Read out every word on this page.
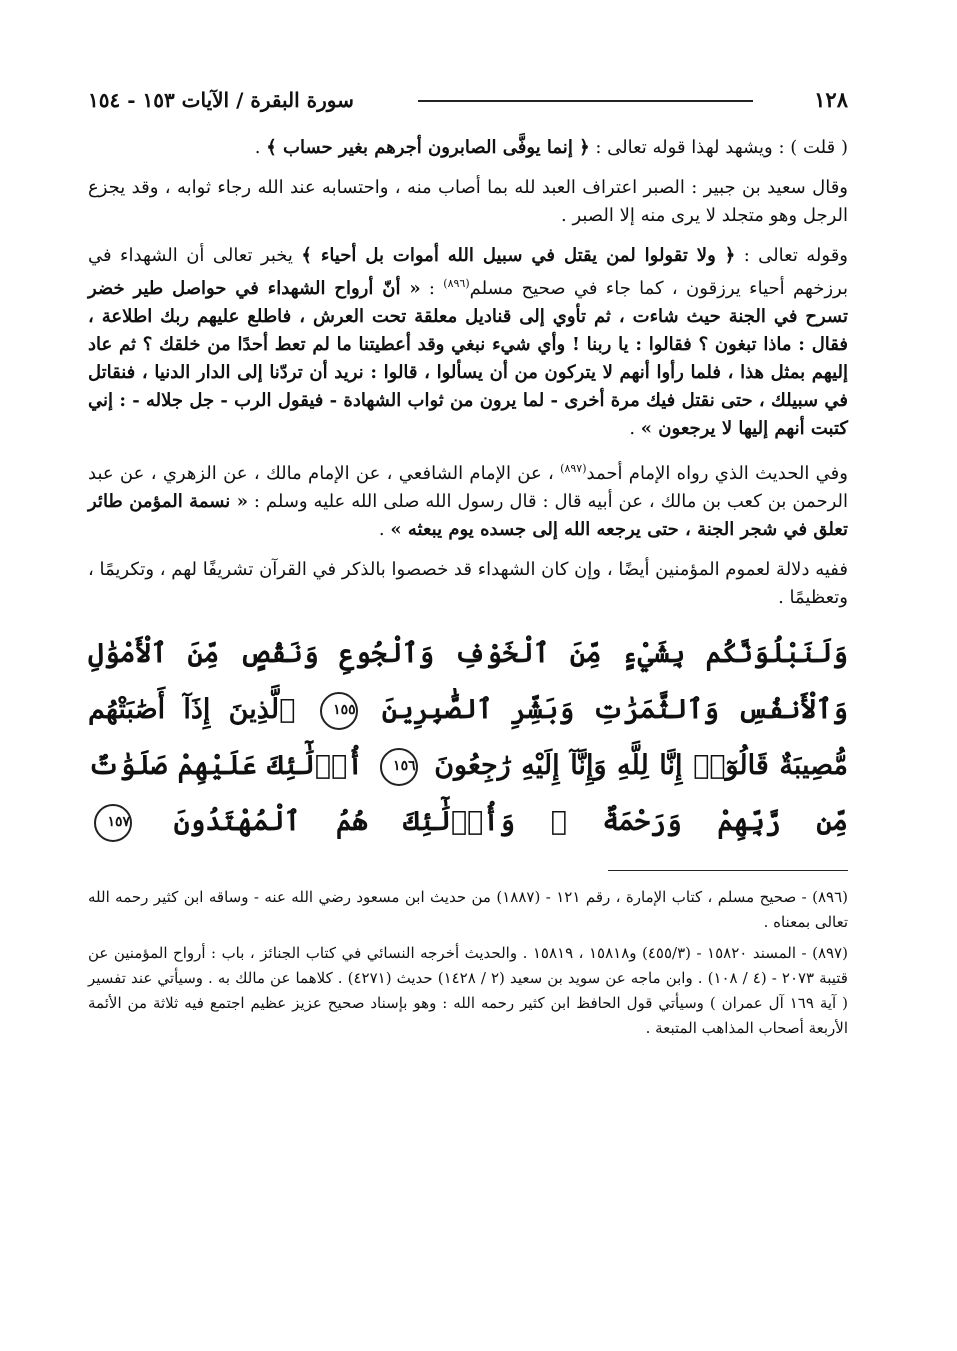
١٢٨
سورة البقرة / الآيات ١٥٣ - ١٥٤

( قلت ) : ويشهد لهذا قوله تعالى : ﴿ إنما يوفَّى الصابرون أجرهم بغير حساب ﴾ .

وقال سعيد بن جبير : الصبر اعتراف العبد لله بما أصاب منه ، واحتسابه عند الله رجاء ثوابه ، وقد يجزع الرجل وهو متجلد لا يرى منه إلا الصبر .

وقوله تعالى : ﴿ ولا تقولوا لمن يقتل في سبيل الله أموات بل أحياء ﴾ يخبر تعالى أن الشهداء في برزخهم أحياء يرزقون ، كما جاء في صحيح مسلم$^{(٨٩٦)}$ : « أنّ أرواح الشهداء في حواصل طير خضر تسرح في الجنة حيث شاءت ، ثم تأوي إلى قناديل معلقة تحت العرش ، فاطلع عليهم ربك اطلاعة ، فقال : ماذا تبغون ؟ فقالوا : يا ربنا ! وأي شيء نبغي وقد أعطيتنا ما لم تعط أحدًا من خلقك ؟ ثم عاد إليهم بمثل هذا ، فلما رأوا أنهم لا يتركون من أن يسألوا ، قالوا : نريد أن تردّنا إلى الدار الدنيا ، فنقاتل في سبيلك ، حتى نقتل فيك مرة أخرى - لما يرون من ثواب الشهادة - فيقول الرب - جل جلاله - : إني كتبت أنهم إليها لا يرجعون » .

وفي الحديث الذي رواه الإمام أحمد$^{(٨٩٧)}$ ، عن الإمام الشافعي ، عن الإمام مالك ، عن الزهري ، عن عبد الرحمن بن كعب بن مالك ، عن أبيه قال : قال رسول الله صلى الله عليه وسلم : « نسمة المؤمن طائر تعلق في شجر الجنة ، حتى يرجعه الله إلى جسده يوم يبعثه » .

ففيه دلالة لعموم المؤمنين أيضًا ، وإن كان الشهداء قد خصصوا بالذكر في القرآن تشريفًا لهم ، وتكريمًا ، وتعظيمًا .

وَلَنَبْلُوَنَّكُم بِشَيْءٍ مِّنَ ٱلْخَوْفِ وَٱلْجُوعِ وَنَقْصٍ مِّنَ ٱلْأَمْوَٰلِ وَٱلْأَنفُسِ وَٱلثَّمَرَٰتِ وَبَشِّرِ ٱلصَّٰبِرِينَ ١٥٥ ٱلَّذِينَ إِذَآ أَصَٰبَتْهُم مُّصِيبَةٌ قَالُوٓا۟ إِنَّا لِلَّهِ وَإِنَّآ إِلَيْهِ رَٰجِعُونَ ١٥٦ أُو۟لَٰٓئِكَ عَلَيْهِمْ صَلَوَٰتٌ مِّن رَّبِّهِمْ وَرَحْمَةٌ ۖ وَأُو۟لَٰٓئِكَ هُمُ ٱلْمُهْتَدُونَ ١٥٧

(٨٩٦) - صحيح مسلم ، كتاب الإمارة ، رقم ١٢١ - (١٨٨٧) من حديث ابن مسعود رضي الله عنه - وساقه ابن كثير رحمه الله تعالى بمعناه .

(٨٩٧) - المسند ١٥٨٢٠ - (٤٥٥/٣) و١٥٨١٨ ، ١٥٨١٩ . والحديث أخرجه النسائي في كتاب الجنائز ، باب : أرواح المؤمنين عن قتيبة ٢٠٧٣ - (٤ / ١٠٨) . وابن ماجه عن سويد بن سعيد (٢ / ١٤٢٨) حديث (٤٢٧١) . كلاهما عن مالك به . وسيأتي عند تفسير ( آية ١٦٩ آل عمران ) وسيأتي قول الحافظ ابن كثير رحمه الله : وهو بإسناد صحيح عزيز عظيم اجتمع فيه ثلاثة من الأئمة الأربعة أصحاب المذاهب المتبعة .
